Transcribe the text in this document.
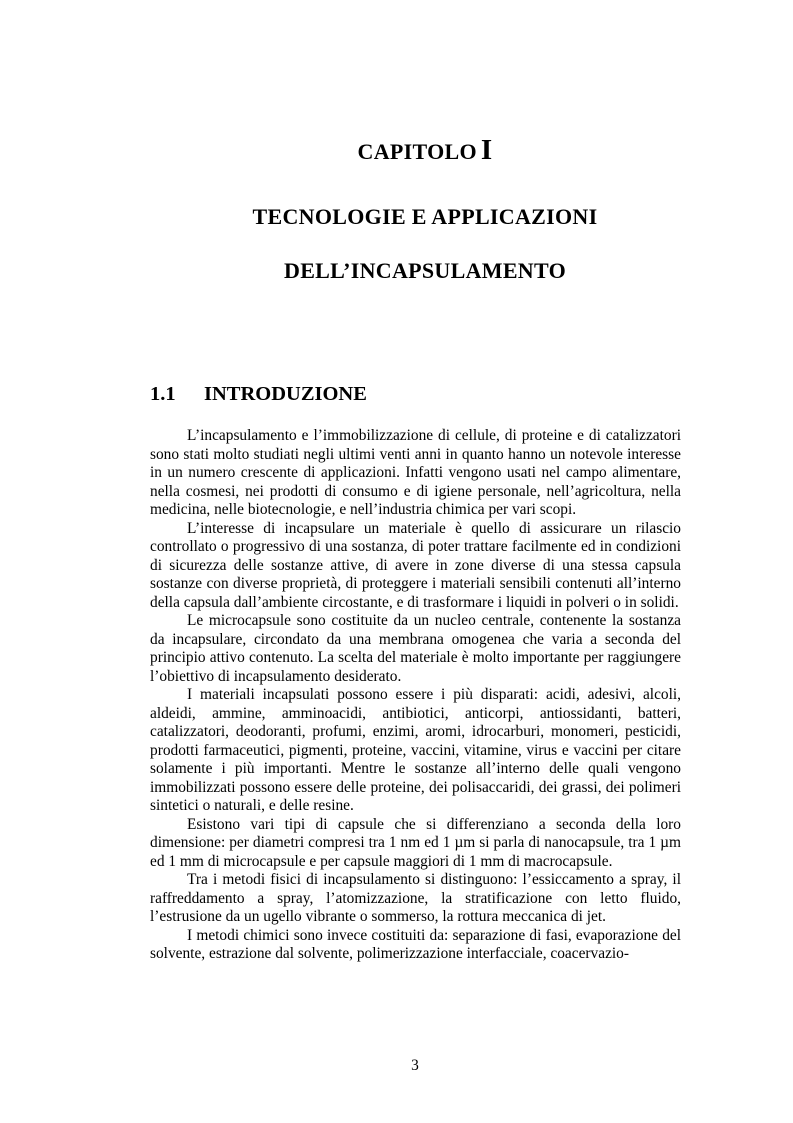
CAPITOLO I
TECNOLOGIE E APPLICAZIONI
DELL’INCAPSULAMENTO
1.1 INTRODUZIONE

L’incapsulamento e l’immobilizzazione di cellule, di proteine e di catalizzatori sono stati molto studiati negli ultimi venti anni in quanto hanno un notevole interesse in un numero crescente di applicazioni. Infatti vengono usati nel campo alimentare, nella cosmesi, nei prodotti di consumo e di igiene personale, nell’agricoltura, nella medicina, nelle biotecnologie, e nell’industria chimica per vari scopi.

L’interesse di incapsulare un materiale è quello di assicurare un rilascio controllato o progressivo di una sostanza, di poter trattare facilmente ed in condizioni di sicurezza delle sostanze attive, di avere in zone diverse di una stessa capsula sostanze con diverse proprietà, di proteggere i materiali sensibili contenuti all’interno della capsula dall’ambiente circostante, e di trasformare i liquidi in polveri o in solidi.

Le microcapsule sono costituite da un nucleo centrale, contenente la sostanza da incapsulare, circondato da una membrana omogenea che varia a seconda del principio attivo contenuto. La scelta del materiale è molto importante per raggiungere l’obiettivo di incapsulamento desiderato.

I materiali incapsulati possono essere i più disparati: acidi, adesivi, alcoli, aldeidi, ammine, amminoacidi, antibiotici, anticorpi, antiossidanti, batteri, catalizzatori, deodoranti, profumi, enzimi, aromi, idrocarburi, monomeri, pesticidi, prodotti farmaceutici, pigmenti, proteine, vaccini, vitamine, virus e vaccini per citare solamente i più importanti. Mentre le sostanze all’interno delle quali vengono immobilizzati possono essere delle proteine, dei polisaccaridi, dei grassi, dei polimeri sintetici o naturali, e delle resine.

Esistono vari tipi di capsule che si differenziano a seconda della loro dimensione: per diametri compresi tra 1 nm ed 1 µm si parla di nanocapsule, tra 1 µm ed 1 mm di microcapsule e per capsule maggiori di 1 mm di macrocapsule.

Tra i metodi fisici di incapsulamento si distinguono: l’essiccamento a spray, il raffreddamento a spray, l’atomizzazione, la stratificazione con letto fluido, l’estrusione da un ugello vibrante o sommerso, la rottura meccanica di jet.

I metodi chimici sono invece costituiti da: separazione di fasi, evaporazione del solvente, estrazione dal solvente, polimerizzazione interfacciale, coacervazio-

3
